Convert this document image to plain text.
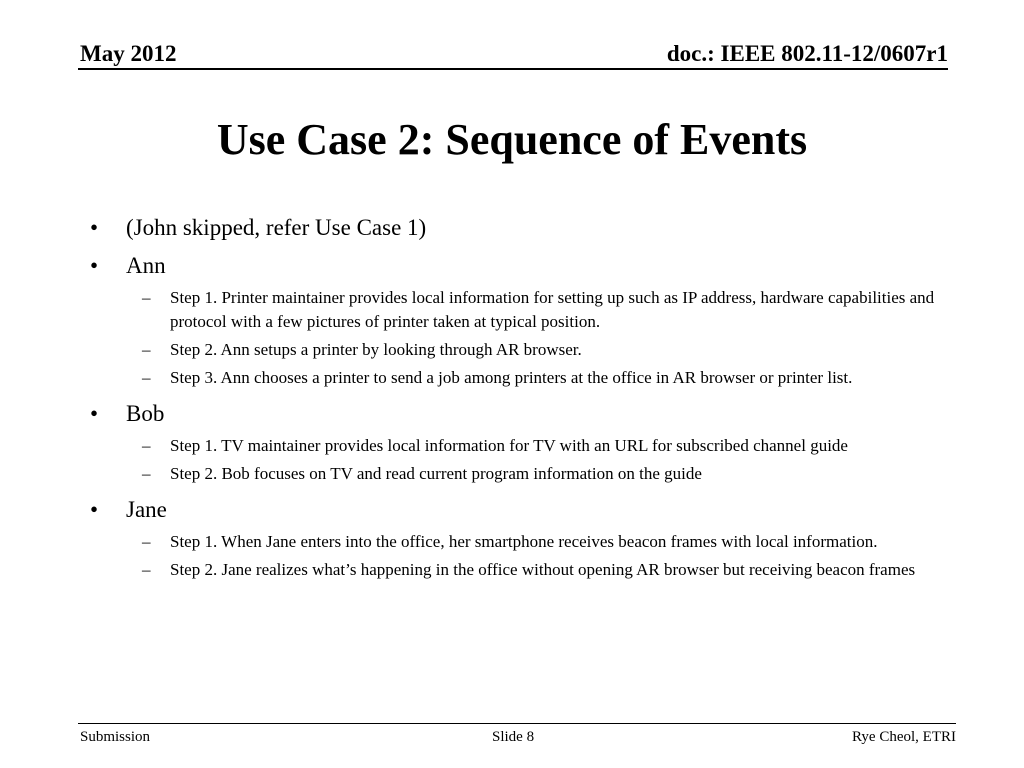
May 2012	doc.: IEEE 802.11-12/0607r1
Use Case 2: Sequence of Events
• (John skipped, refer Use Case 1)
• Ann
– Step 1. Printer maintainer provides local information for setting up such as IP address, hardware capabilities and protocol with a few pictures of printer taken at typical position.
– Step 2. Ann setups a printer by looking through AR browser.
– Step 3. Ann chooses a printer to send a job among printers at the office in AR browser or printer list.
• Bob
– Step 1. TV maintainer provides local information for TV with an URL for subscribed channel guide
– Step 2. Bob focuses on TV and read current program information on the guide
• Jane
– Step 1. When Jane enters into the office, her smartphone receives beacon frames with local information.
– Step 2. Jane realizes what’s happening in the office without opening AR browser but receiving beacon frames
Submission	Slide 8	Rye Cheol, ETRI
